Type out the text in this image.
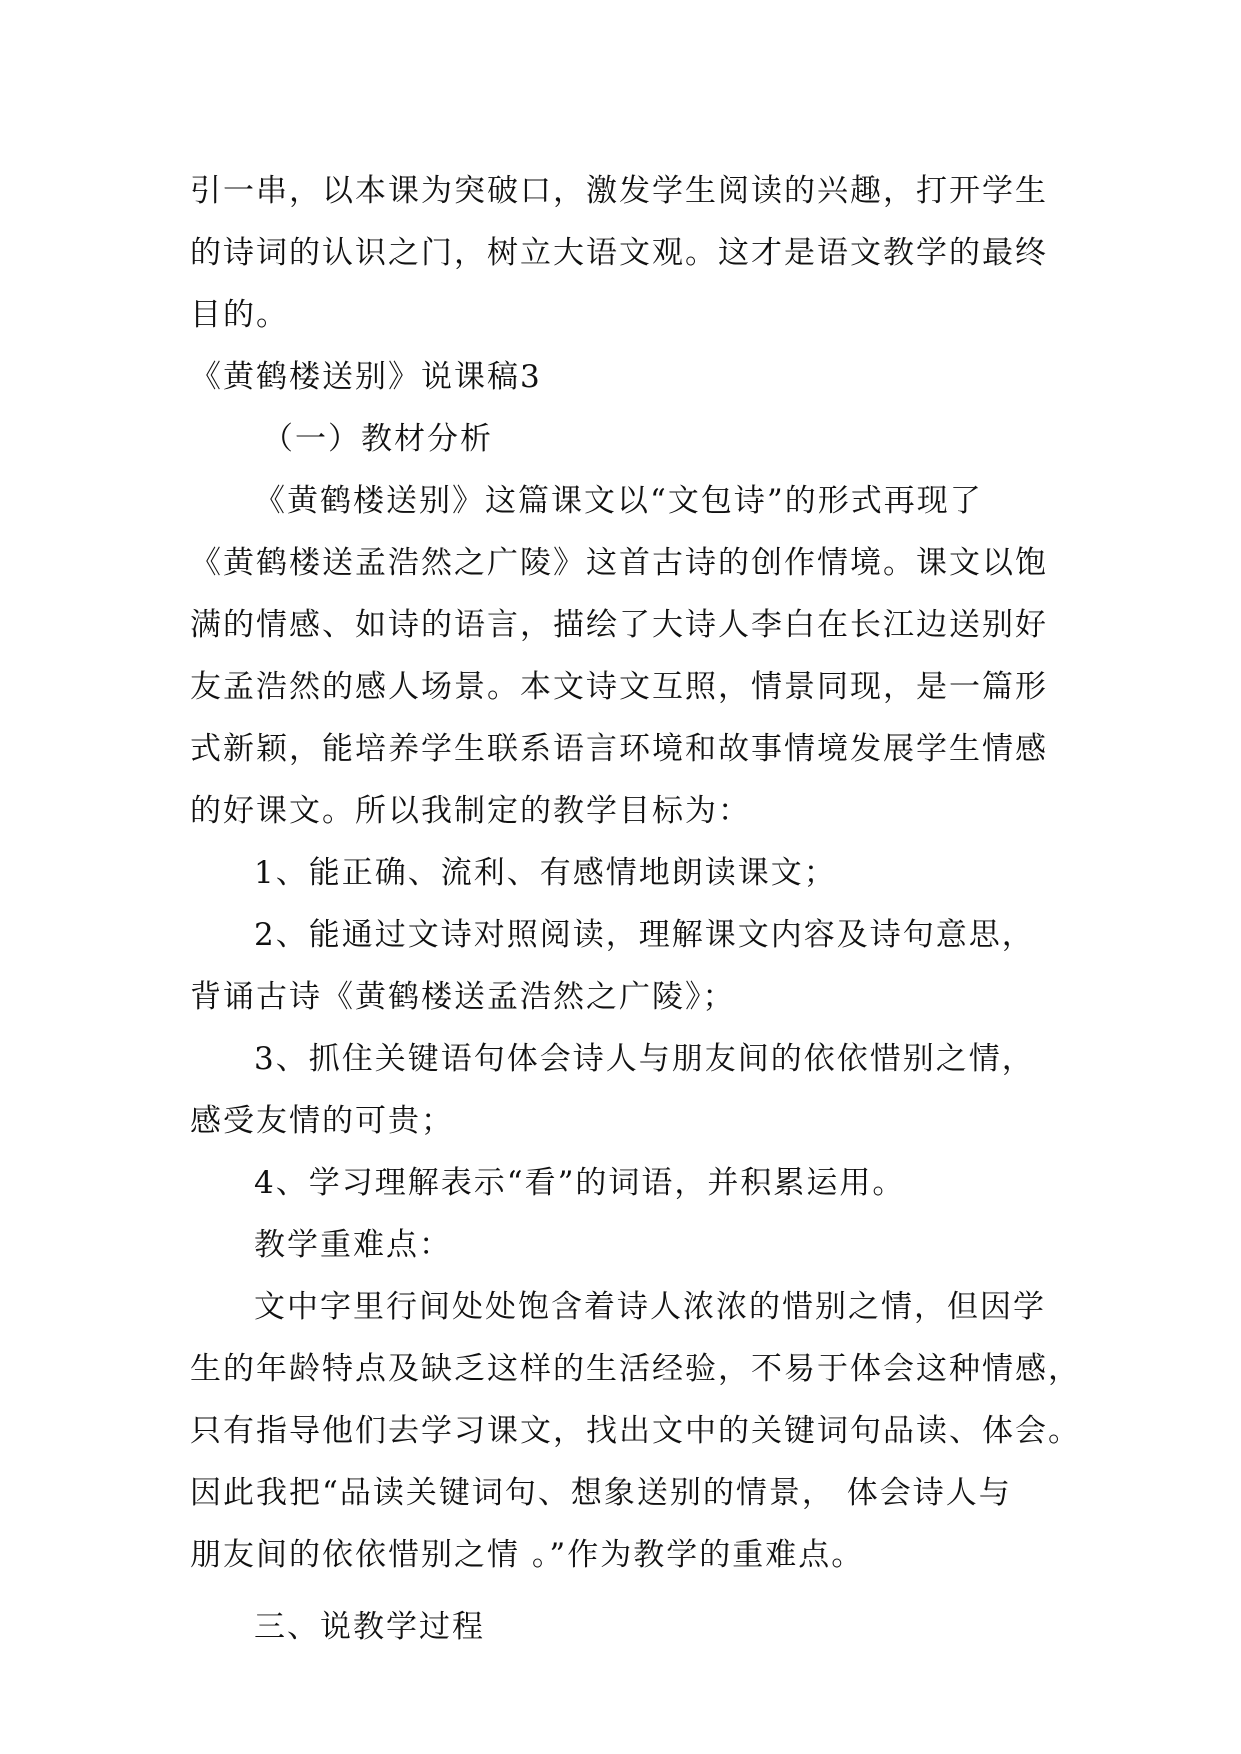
引一串，以本课为突破口，激发学生阅读的兴趣，打开学生
的诗词的认识之门，树立大语文观。这才是语文教学的最终
目的。
《黄鹤楼送别》说课稿3
（一）教材分析
《黄鹤楼送别》这篇课文以“文包诗”的形式再现了
《黄鹤楼送孟浩然之广陵》这首古诗的创作情境。课文以饱
满的情感、如诗的语言，描绘了大诗人李白在长江边送别好
友孟浩然的感人场景。本文诗文互照，情景同现，是一篇形
式新颖，能培养学生联系语言环境和故事情境发展学生情感
的好课文。所以我制定的教学目标为：
1、能正确、流利、有感情地朗读课文；
2、能通过文诗对照阅读，理解课文内容及诗句意思，
背诵古诗《黄鹤楼送孟浩然之广陵》；
3、抓住关键语句体会诗人与朋友间的依依惜别之情，
感受友情的可贵；
4、学习理解表示“看”的词语，并积累运用。
教学重难点：
文中字里行间处处饱含着诗人浓浓的惜别之情，但因学
生的年龄特点及缺乏这样的生活经验，不易于体会这种情感，
只有指导他们去学习课文，找出文中的关键词句品读、体会。
因此我把“品读关键词句、想象送别的情景， 体会诗人与
朋友间的依依惜别之情 。”作为教学的重难点。
三、说教学过程
